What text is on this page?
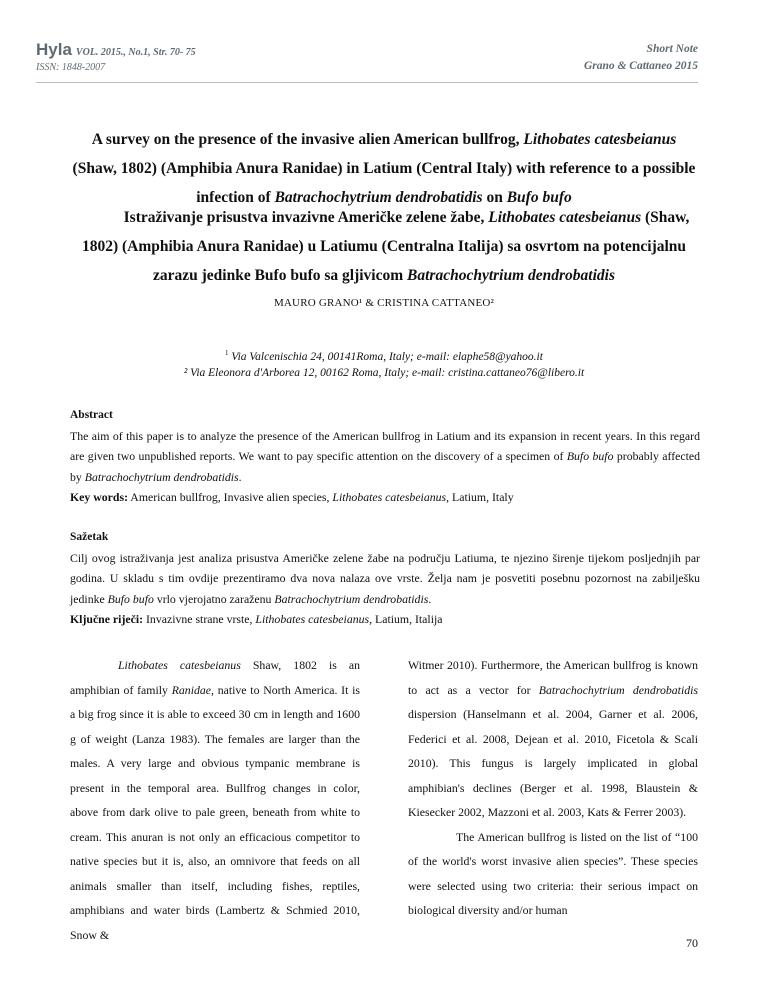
Hyla VOL. 2015., No.1, Str. 70- 75
ISSN: 1848-2007
Short Note
Grano & Cattaneo 2015
A survey on the presence of the invasive alien American bullfrog, Lithobates catesbeianus (Shaw, 1802) (Amphibia Anura Ranidae) in Latium (Central Italy) with reference to a possible infection of Batrachochytrium dendrobatidis on Bufo bufo
Istraživanje prisustva invazivne Američke zelene žabe, Lithobates catesbeianus (Shaw, 1802) (Amphibia Anura Ranidae) u Latiumu (Centralna Italija) sa osvrtom na potencijalnu zarazu jedinke Bufo bufo sa gljivicom Batrachochytrium dendrobatidis
MAURO GRANO¹ & CRISTINA CATTANEO²
$^1$ Via Valcenischia 24, 00141Roma, Italy; e-mail: elaphe58@yahoo.it
² Via Eleonora d'Arborea 12, 00162 Roma, Italy; e-mail: cristina.cattaneo76@libero.it
Abstract
The aim of this paper is to analyze the presence of the American bullfrog in Latium and its expansion in recent years. In this regard are given two unpublished reports. We want to pay specific attention on the discovery of a specimen of Bufo bufo probably affected by Batrachochytrium dendrobatidis.
Key words: American bullfrog, Invasive alien species, Lithobates catesbeianus, Latium, Italy
Sažetak
Cilj ovog istraživanja jest analiza prisustva Američke zelene žabe na području Latiuma, te njezino širenje tijekom posljednjih par godina. U skladu s tim ovdije prezentiramo dva nova nalaza ove vrste. Želja nam je posvetiti posebnu pozornost na zabilješku jedinke Bufo bufo vrlo vjerojatno zaraženu Batrachochytrium dendrobatidis.
Ključne riječi: Invazivne strane vrste, Lithobates catesbeianus, Latium, Italija

Lithobates catesbeianus Shaw, 1802 is an amphibian of family Ranidae, native to North America. It is a big frog since it is able to exceed 30 cm in length and 1600 g of weight (Lanza 1983). The females are larger than the males. A very large and obvious tympanic membrane is present in the temporal area. Bullfrog changes in color, above from dark olive to pale green, beneath from white to cream. This anuran is not only an efficacious competitor to native species but it is, also, an omnivore that feeds on all animals smaller than itself, including fishes, reptiles, amphibians and water birds (Lambertz & Schmied 2010, Snow &

Witmer 2010). Furthermore, the American bullfrog is known to act as a vector for Batrachochytrium dendrobatidis dispersion (Hanselmann et al. 2004, Garner et al. 2006, Federici et al. 2008, Dejean et al. 2010, Ficetola & Scali 2010). This fungus is largely implicated in global amphibian's declines (Berger et al. 1998, Blaustein & Kiesecker 2002, Mazzoni et al. 2003, Kats & Ferrer 2003).

The American bullfrog is listed on the list of “100 of the world's worst invasive alien species”. These species were selected using two criteria: their serious impact on biological diversity and/or human

70
